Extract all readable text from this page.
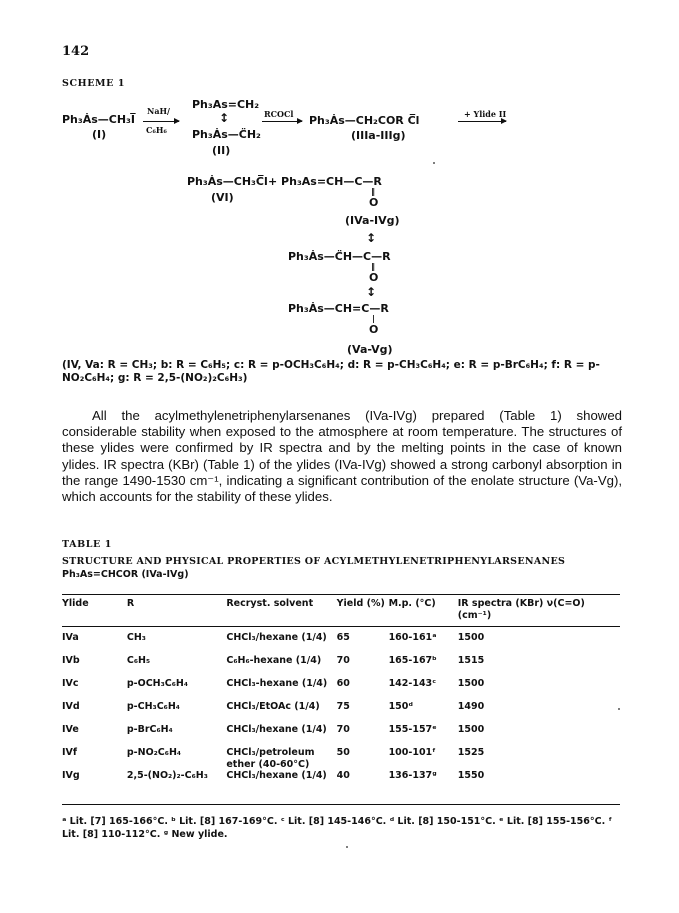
142
SCHEME 1
Ph₃Ȧs—CH₃I̅
(I)
NaH/
C₆H₆
Ph₃As=CH₂
↕
Ph₃Ȧs—C̈H₂
(II)
RCOCl → Ph₃Ȧs—CH₂COR C̅l
(IIIa-IIIg)
+ Ylide II
Ph₃Ȧs—CH₃C̅l
(VI)
+ Ph₃As=CH—C—R
‖
O
(IVa-IVg)
↕
Ph₃Ȧs—C̈H—C—R
‖
O
↕
Ph₃Ȧs—CH=C—R
|
O
(Va-Vg)
(IV, Va: R = CH₃; b: R = C₆H₅; c: R = p-OCH₃C₆H₄; d: R = p-CH₃C₆H₄; e: R = p-BrC₆H₄; f: R = p-NO₂C₆H₄; g: R = 2,5-(NO₂)₂C₆H₃)
All the acylmethylenetriphenylarsenanes (IVa-IVg) prepared (Table 1) showed considerable stability when exposed to the atmosphere at room temperature. The structures of these ylides were confirmed by IR spectra and by the melting points in the case of known ylides. IR spectra (KBr) (Table 1) of the ylides (IVa-IVg) showed a strong carbonyl absorption in the range 1490-1530 cm⁻¹, indicating a significant contribution of the enolate structure (Va-Vg), which accounts for the stability of these ylides.
TABLE 1
STRUCTURE AND PHYSICAL PROPERTIES OF ACYLMETHYLENETRIPHENYLARSENANES
Ph₃As=CHCOR (IVa-IVg)
Ylide	R	Recryst. solvent	Yield (%)	M.p. (°C)	IR spectra (KBr) ν(C=O) (cm⁻¹)

IVa	CH₃	CHCl₃/hexane (1/4)	65	160-161ᵃ	1500
IVb	C₆H₅	C₆H₆-hexane (1/4)	70	165-167ᵇ	1515
IVc	p-OCH₃C₆H₄	CHCl₃-hexane (1/4)	60	142-143ᶜ	1500
IVd	p-CH₃C₆H₄	CHCl₃/EtOAc (1/4)	75	150ᵈ	1490
IVe	p-BrC₆H₄	CHCl₃/hexane (1/4)	70	155-157ᵉ	1500
IVf	p-NO₂C₆H₄	CHCl₃/petroleum ether (40-60°C)	50	100-101ᶠ	1525
IVg	2,5-(NO₂)₂-C₆H₃	CHCl₃/hexane (1/4)	40	136-137ᵍ	1550
ᵃ Lit. [7] 165-166°C. ᵇ Lit. [8] 167-169°C. ᶜ Lit. [8] 145-146°C. ᵈ Lit. [8] 150-151°C. ᵉ Lit. [8] 155-156°C. ᶠ Lit. [8] 110-112°C. ᵍ New ylide.
